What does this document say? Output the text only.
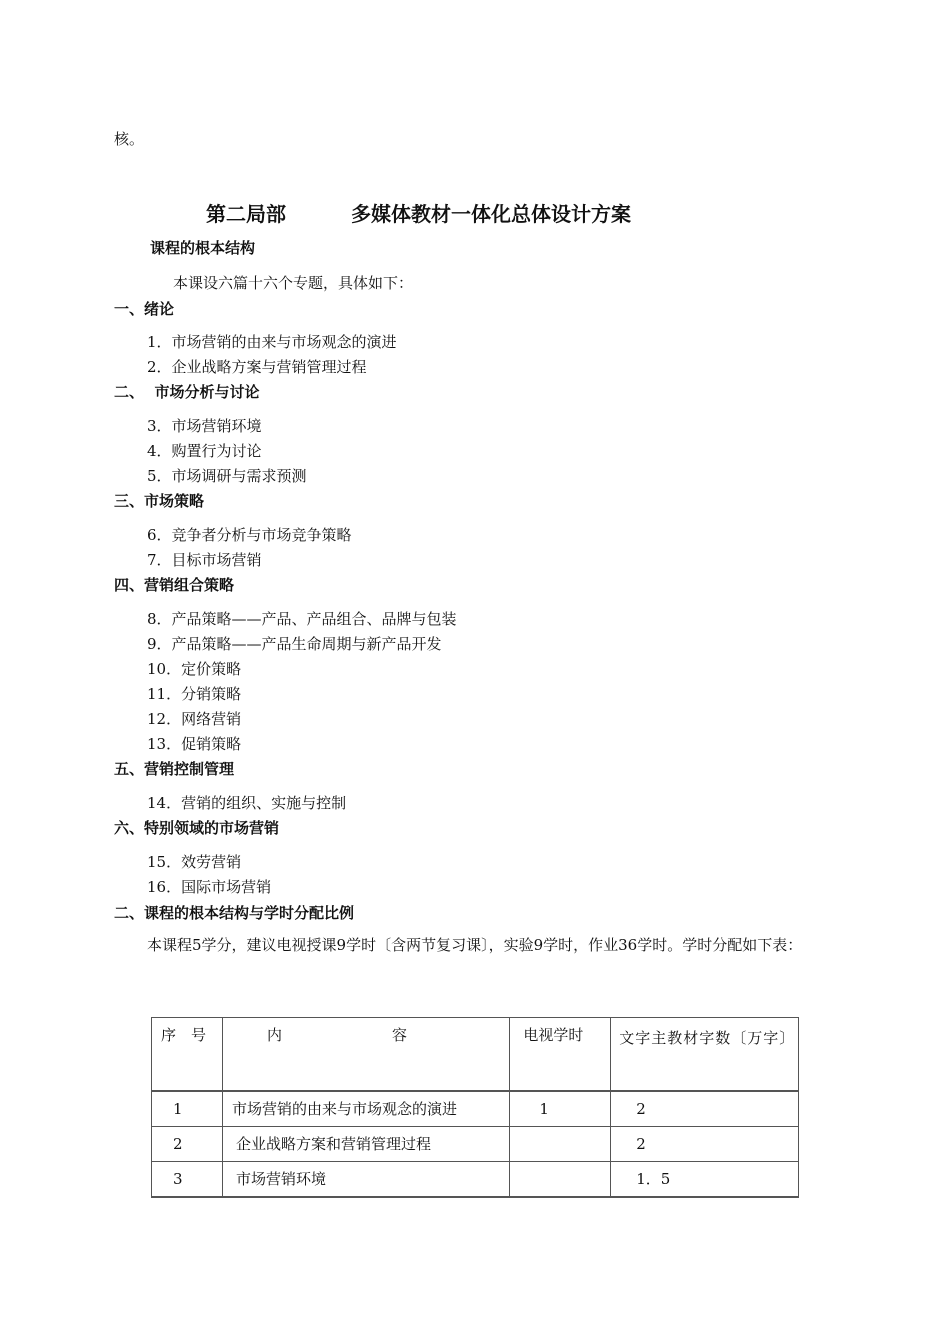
核。
第二局部	多媒体教材一体化总体设计方案
课程的根本结构
本课设六篇十六个专题，具体如下：
一、绪论
1．市场营销的由来与市场观念的演进
2．企业战略方案与营销管理过程
二、  市场分析与讨论
3．市场营销环境
4．购置行为讨论
5．市场调研与需求预测
三、市场策略
6．竞争者分析与市场竞争策略
7．目标市场营销
四、营销组合策略
8．产品策略——产品、产品组合、品牌与包装
9．产品策略——产品生命周期与新产品开发
10．定价策略
11．分销策略
12．网络营销
13．促销策略
五、营销控制管理
14．营销的组织、实施与控制
六、特别领域的市场营销
15．效劳营销
16．国际市场营销
二、课程的根本结构与学时分配比例
本课程5学分，建议电视授课9学时〔含两节复习课〕，实验9学时，作业36学时。学时分配如下表：
序　号	内 容	电视学时	文字主教材字数〔万字〕

1	市场营销的由来与市场观念的演进	1	2

2	企业战略方案和营销管理过程		2

3	市场营销环境		1．5
